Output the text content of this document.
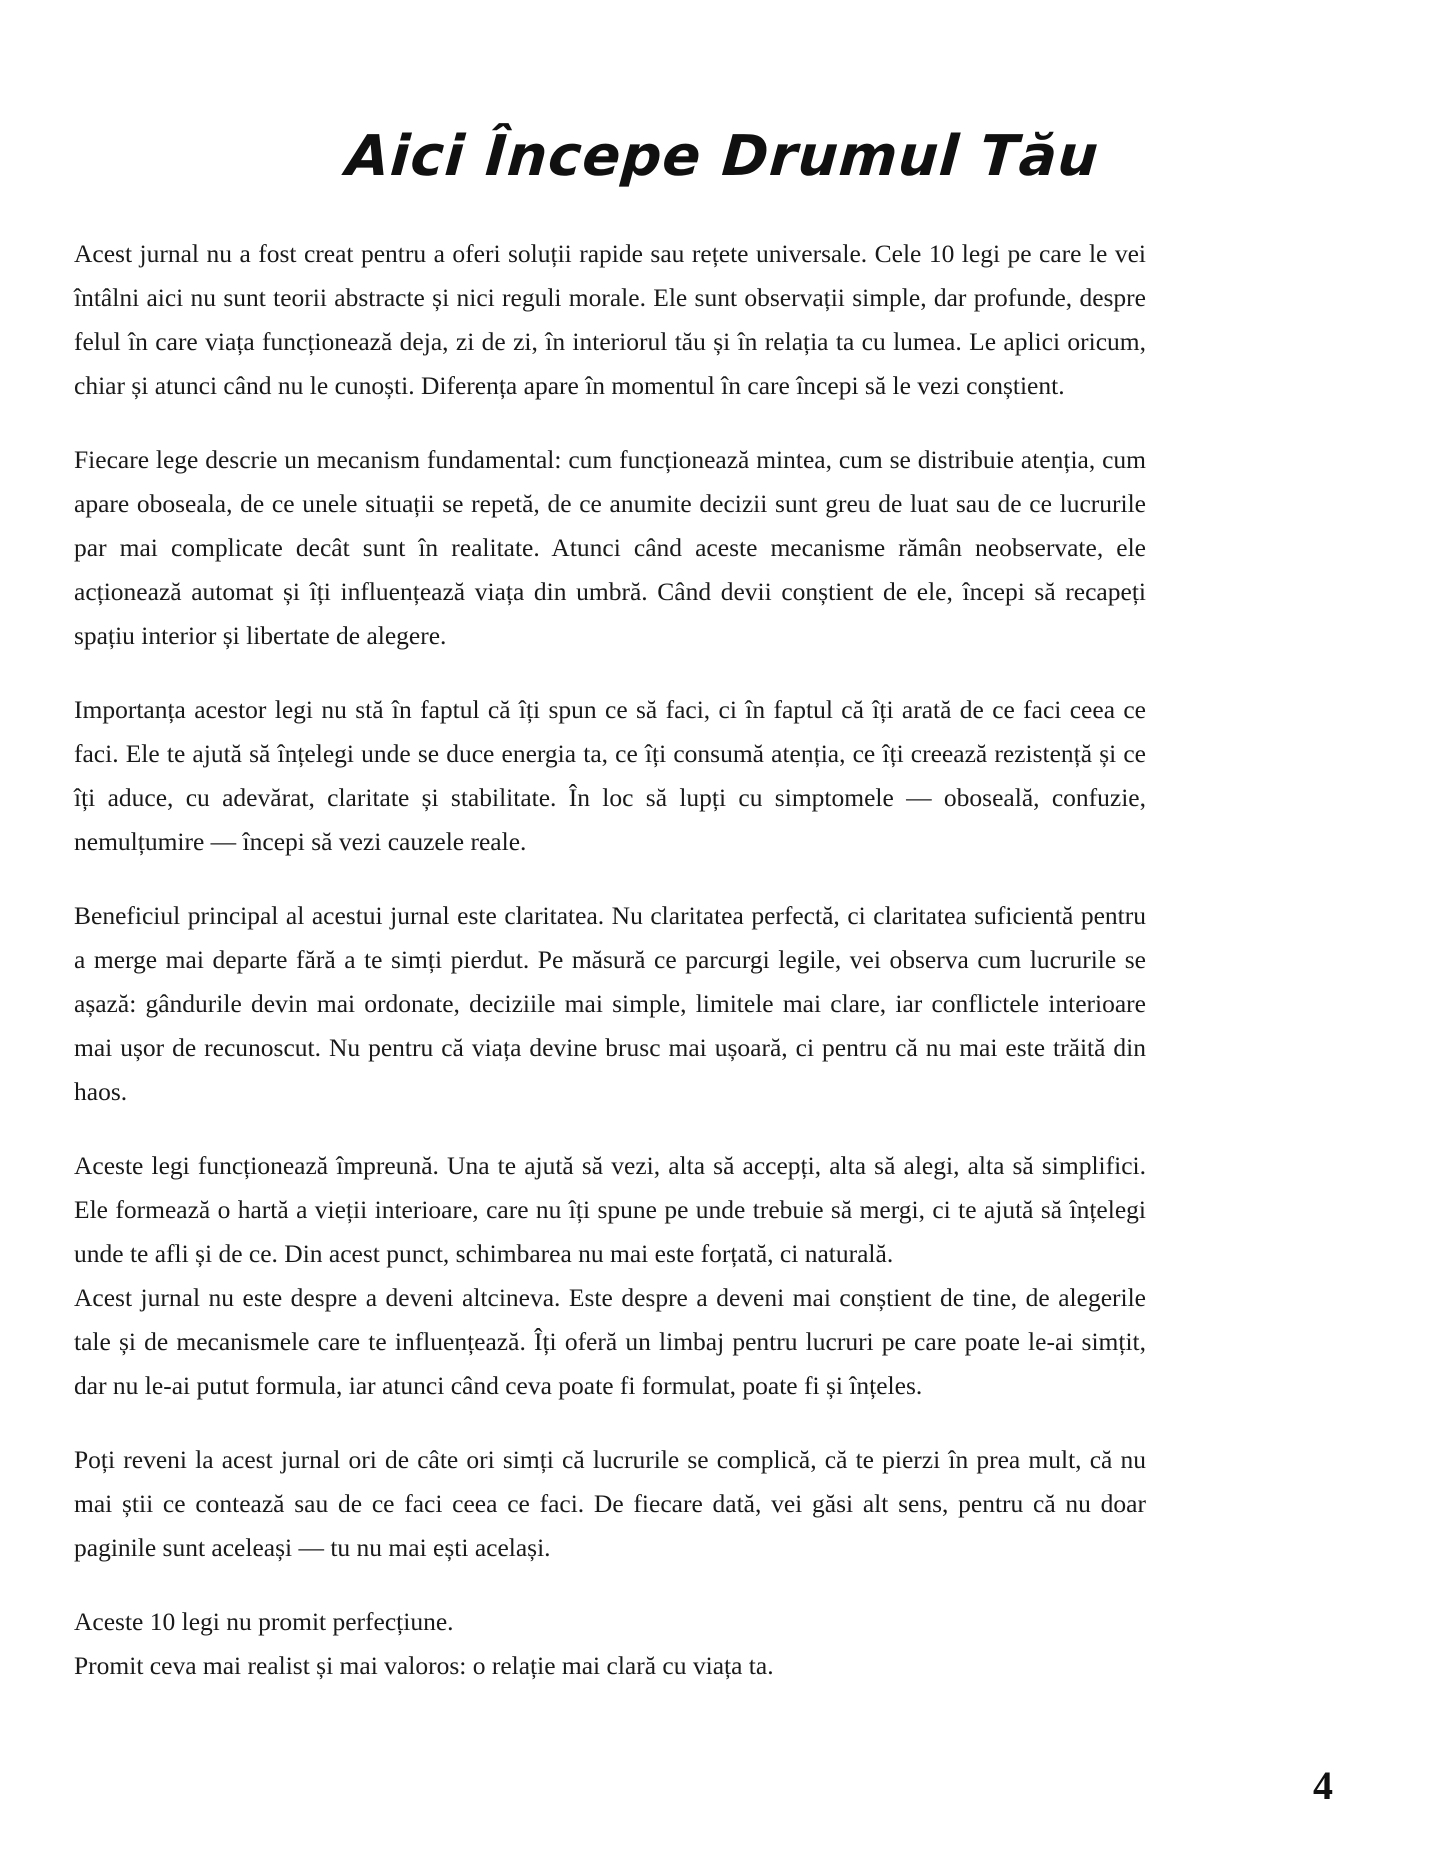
Aici Începe Drumul Tău

Acest jurnal nu a fost creat pentru a oferi soluții rapide sau rețete universale. Cele 10 legi pe care le vei întâlni aici nu sunt teorii abstracte și nici reguli morale. Ele sunt observații simple, dar profunde, despre felul în care viața funcționează deja, zi de zi, în interiorul tău și în relația ta cu lumea. Le aplici oricum, chiar și atunci când nu le cunoști. Diferența apare în momentul în care începi să le vezi conștient.

Fiecare lege descrie un mecanism fundamental: cum funcționează mintea, cum se distribuie atenția, cum apare oboseala, de ce unele situații se repetă, de ce anumite decizii sunt greu de luat sau de ce lucrurile par mai complicate decât sunt în realitate. Atunci când aceste mecanisme rămân neobservate, ele acționează automat și îți influențează viața din umbră. Când devii conștient de ele, începi să recapeți spațiu interior și libertate de alegere.

Importanța acestor legi nu stă în faptul că îți spun ce să faci, ci în faptul că îți arată de ce faci ceea ce faci. Ele te ajută să înțelegi unde se duce energia ta, ce îți consumă atenția, ce îți creează rezistență și ce îți aduce, cu adevărat, claritate și stabilitate. În loc să lupți cu simptomele — oboseală, confuzie, nemulțumire — începi să vezi cauzele reale.

Beneficiul principal al acestui jurnal este claritatea. Nu claritatea perfectă, ci claritatea suficientă pentru a merge mai departe fără a te simți pierdut. Pe măsură ce parcurgi legile, vei observa cum lucrurile se așază: gândurile devin mai ordonate, deciziile mai simple, limitele mai clare, iar conflictele interioare mai ușor de recunoscut. Nu pentru că viața devine brusc mai ușoară, ci pentru că nu mai este trăită din haos.

Aceste legi funcționează împreună. Una te ajută să vezi, alta să accepți, alta să alegi, alta să simplifici. Ele formează o hartă a vieții interioare, care nu îți spune pe unde trebuie să mergi, ci te ajută să înțelegi unde te afli și de ce. Din acest punct, schimbarea nu mai este forțată, ci naturală.

Acest jurnal nu este despre a deveni altcineva. Este despre a deveni mai conștient de tine, de alegerile tale și de mecanismele care te influențează. Îți oferă un limbaj pentru lucruri pe care poate le-ai simțit, dar nu le-ai putut formula, iar atunci când ceva poate fi formulat, poate fi și înțeles.

Poți reveni la acest jurnal ori de câte ori simți că lucrurile se complică, că te pierzi în prea mult, că nu mai știi ce contează sau de ce faci ceea ce faci. De fiecare dată, vei găsi alt sens, pentru că nu doar paginile sunt aceleași — tu nu mai ești același.

Aceste 10 legi nu promit perfecțiune.

Promit ceva mai realist și mai valoros: o relație mai clară cu viața ta.

4
